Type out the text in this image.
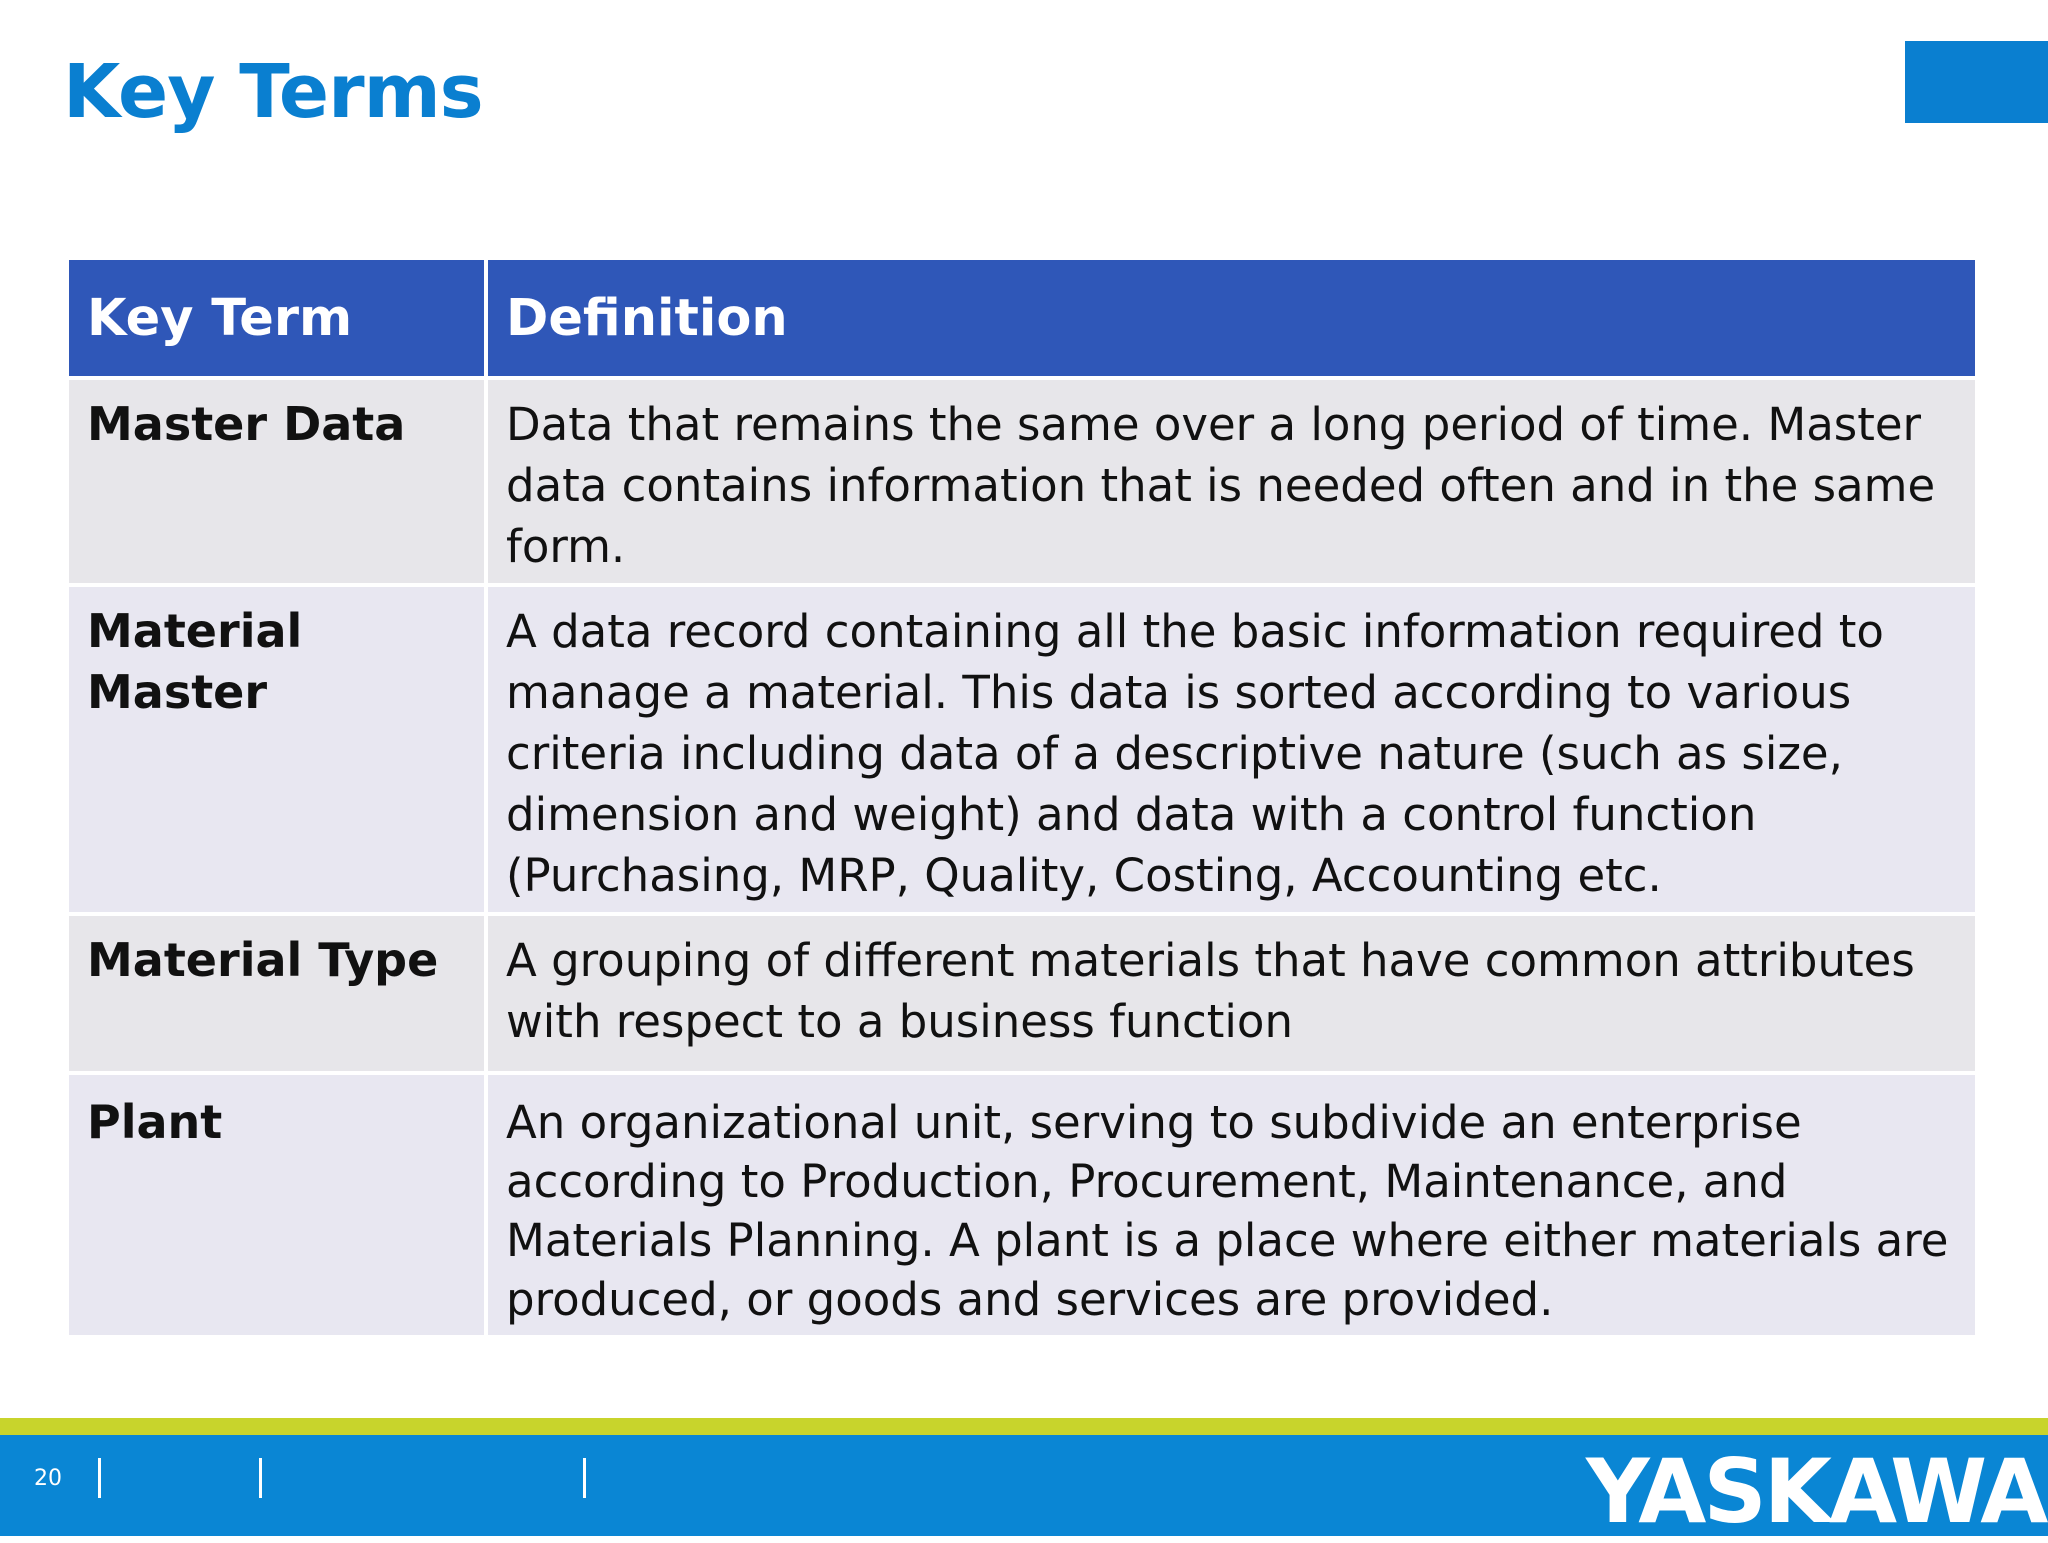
Key Terms
Key Term	Definition
Master Data	Data that remains the same over a long period of time. Master data contains information that is needed often and in the same form.
Material Master	A data record containing all the basic information required to manage a material. This data is sorted according to various criteria including data of a descriptive nature (such as size, dimension and weight) and data with a control function (Purchasing, MRP, Quality, Costing, Accounting etc.
Material Type	A grouping of different materials that have common attributes with respect to a business function
Plant	An organizational unit, serving to subdivide an enterprise according to Production, Procurement, Maintenance, and Materials Planning. A plant is a place where either materials are produced, or goods and services are provided.
20	YASKAWA
